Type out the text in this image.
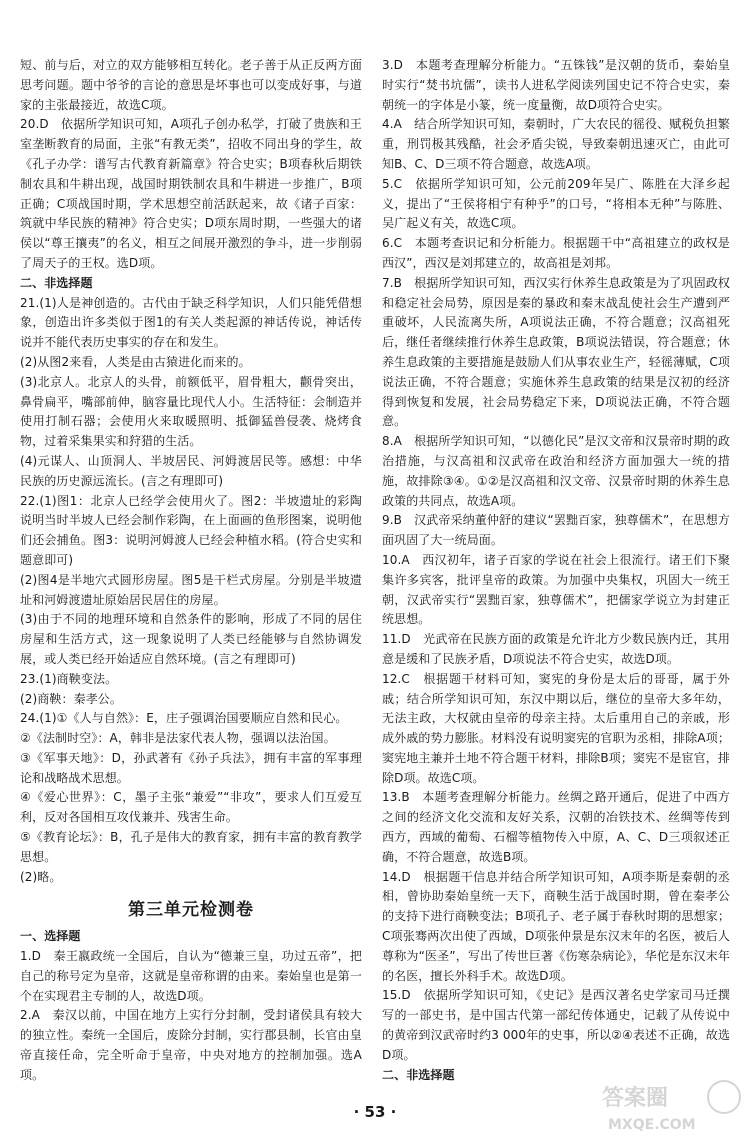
短、前与后，对立的双方能够相互转化。老子善于从正反两方面思考问题。题中爷爷的言论的意思是坏事也可以变成好事，与道家的主张最接近，故选C项。

20.D　依据所学知识可知，A项孔子创办私学，打破了贵族和王室垄断教育的局面，主张“有教无类”，招收不同出身的学生，故《孔子办学：谱写古代教育新篇章》符合史实；B项春秋后期铁制农具和牛耕出现，战国时期铁制农具和牛耕进一步推广，B项正确；C项战国时期，学术思想空前活跃起来，故《诸子百家：筑就中华民族的精神》符合史实；D项东周时期，一些强大的诸侯以“尊王攘夷”的名义，相互之间展开激烈的争斗，进一步削弱了周天子的王权。选D项。

二、非选择题

21.(1)人是神创造的。古代由于缺乏科学知识，人们只能凭借想象，创造出许多类似于图1的有关人类起源的神话传说，神话传说并不能代表历史事实的存在和发生。

(2)从图2来看，人类是由古猿进化而来的。

(3)北京人。北京人的头骨，前额低平，眉骨粗大，颧骨突出，鼻骨扁平，嘴部前伸，脑容量比现代人小。生活特征：会制造并使用打制石器；会使用火来取暖照明、抵御猛兽侵袭、烧烤食物，过着采集果实和狩猎的生活。

(4)元谋人、山顶洞人、半坡居民、河姆渡居民等。感想：中华民族的历史源远流长。(言之有理即可)

22.(1)图1：北京人已经学会使用火了。图2：半坡遗址的彩陶说明当时半坡人已经会制作彩陶，在上面画的鱼形图案，说明他们还会捕鱼。图3：说明河姆渡人已经会种植水稻。(符合史实和题意即可)

(2)图4是半地穴式圆形房屋。图5是干栏式房屋。分别是半坡遗址和河姆渡遗址原始居民居住的房屋。

(3)由于不同的地理环境和自然条件的影响，形成了不同的居住房屋和生活方式，这一现象说明了人类已经能够与自然协调发展，或人类已经开始适应自然环境。(言之有理即可)

23.(1)商鞅变法。

(2)商鞅：秦孝公。

24.(1)①《人与自然》：E，庄子强调治国要顺应自然和民心。

②《法制时空》：A，韩非是法家代表人物，强调以法治国。

③《军事天地》：D，孙武著有《孙子兵法》，拥有丰富的军事理论和战略战术思想。

④《爱心世界》：C，墨子主张“兼爱”“非攻”，要求人们互爱互利，反对各国相互攻伐兼并、残害生命。

⑤《教育论坛》：B，孔子是伟大的教育家，拥有丰富的教育教学思想。

(2)略。

第三单元检测卷

一、选择题

1.D　秦王嬴政统一全国后，自认为“德兼三皇，功过五帝”，把自己的称号定为皇帝，这就是皇帝称谓的由来。秦始皇也是第一个在实现君主专制的人，故选D项。

2.A　秦汉以前，中国在地方上实行分封制，受封诸侯具有较大的独立性。秦统一全国后，废除分封制，实行郡县制，长官由皇帝直接任命，完全听命于皇帝，中央对地方的控制加强。选A项。

3.D　本题考查理解分析能力。“五铢钱”是汉朝的货币，秦始皇时实行“焚书坑儒”，读书人进私学阅读列国史记不符合史实，秦朝统一的字体是小篆，统一度量衡，故D项符合史实。

4.A　结合所学知识可知，秦朝时，广大农民的徭役、赋税负担繁重，刑罚极其残酷，社会矛盾尖锐，导致秦朝迅速灭亡，由此可知B、C、D三项不符合题意，故选A项。

5.C　依据所学知识可知，公元前209年吴广、陈胜在大泽乡起义，提出了“王侯将相宁有种乎”的口号，“将相本无种”与陈胜、吴广起义有关，故选C项。

6.C　本题考查识记和分析能力。根据题干中“高祖建立的政权是西汉”，西汉是刘邦建立的，故高祖是刘邦。

7.B　根据所学知识可知，西汉实行休养生息政策是为了巩固政权和稳定社会局势，原因是秦的暴政和秦末战乱使社会生产遭到严重破坏，人民流离失所，A项说法正确，不符合题意；汉高祖死后，继任者继续推行休养生息政策，B项说法错误，符合题意；休养生息政策的主要措施是鼓励人们从事农业生产，轻徭薄赋，C项说法正确，不符合题意；实施休养生息政策的结果是汉初的经济得到恢复和发展，社会局势稳定下来，D项说法正确，不符合题意。

8.A　根据所学知识可知，“以德化民”是汉文帝和汉景帝时期的政治措施，与汉高祖和汉武帝在政治和经济方面加强大一统的措施，故排除③④。①②是汉高祖和汉文帝、汉景帝时期的休养生息政策的共同点，故选A项。

9.B　汉武帝采纳董仲舒的建议“罢黜百家，独尊儒术”，在思想方面巩固了大一统局面。

10.A　西汉初年，诸子百家的学说在社会上很流行。诸王们下聚集许多宾客，批评皇帝的政策。为加强中央集权，巩固大一统王朝，汉武帝实行“罢黜百家，独尊儒术”，把儒家学说立为封建正统思想。

11.D　光武帝在民族方面的政策是允许北方少数民族内迁，其用意是缓和了民族矛盾，D项说法不符合史实，故选D项。

12.C　根据题干材料可知，窦宪的身份是太后的哥哥，属于外戚；结合所学知识可知，东汉中期以后，继位的皇帝大多年幼，无法主政，大权就由皇帝的母亲主持。太后重用自己的亲戚，形成外戚的势力膨胀。材料没有说明窦宪的官职为丞相，排除A项；窦宪地主兼并土地不符合题干材料，排除B项；窦宪不是宦官，排除D项。故选C项。

13.B　本题考查理解分析能力。丝绸之路开通后，促进了中西方之间的经济文化交流和友好关系，汉朝的冶铁技术、丝绸等传到西方，西域的葡萄、石榴等植物传入中原，A、C、D三项叙述正确，不符合题意，故选B项。

14.D　根据题干信息并结合所学知识可知，A项李斯是秦朝的丞相，曾协助秦始皇统一天下，商鞅生活于战国时期，曾在秦孝公的支持下进行商鞅变法；B项孔子、老子属于春秋时期的思想家；C项张骞两次出使了西域，D项张仲景是东汉末年的名医，被后人尊称为“医圣”，写出了传世巨著《伤寒杂病论》，华佗是东汉末年的名医，擅长外科手术。故选D项。

15.D　依据所学知识可知，《史记》是西汉著名史学家司马迁撰写的一部史书，是中国古代第一部纪传体通史，记载了从传说中的黄帝到汉武帝时约3 000年的史事，所以②④表述不正确，故选D项。

二、非选择题

· 53 ·
答案圈
MXQE.COM
